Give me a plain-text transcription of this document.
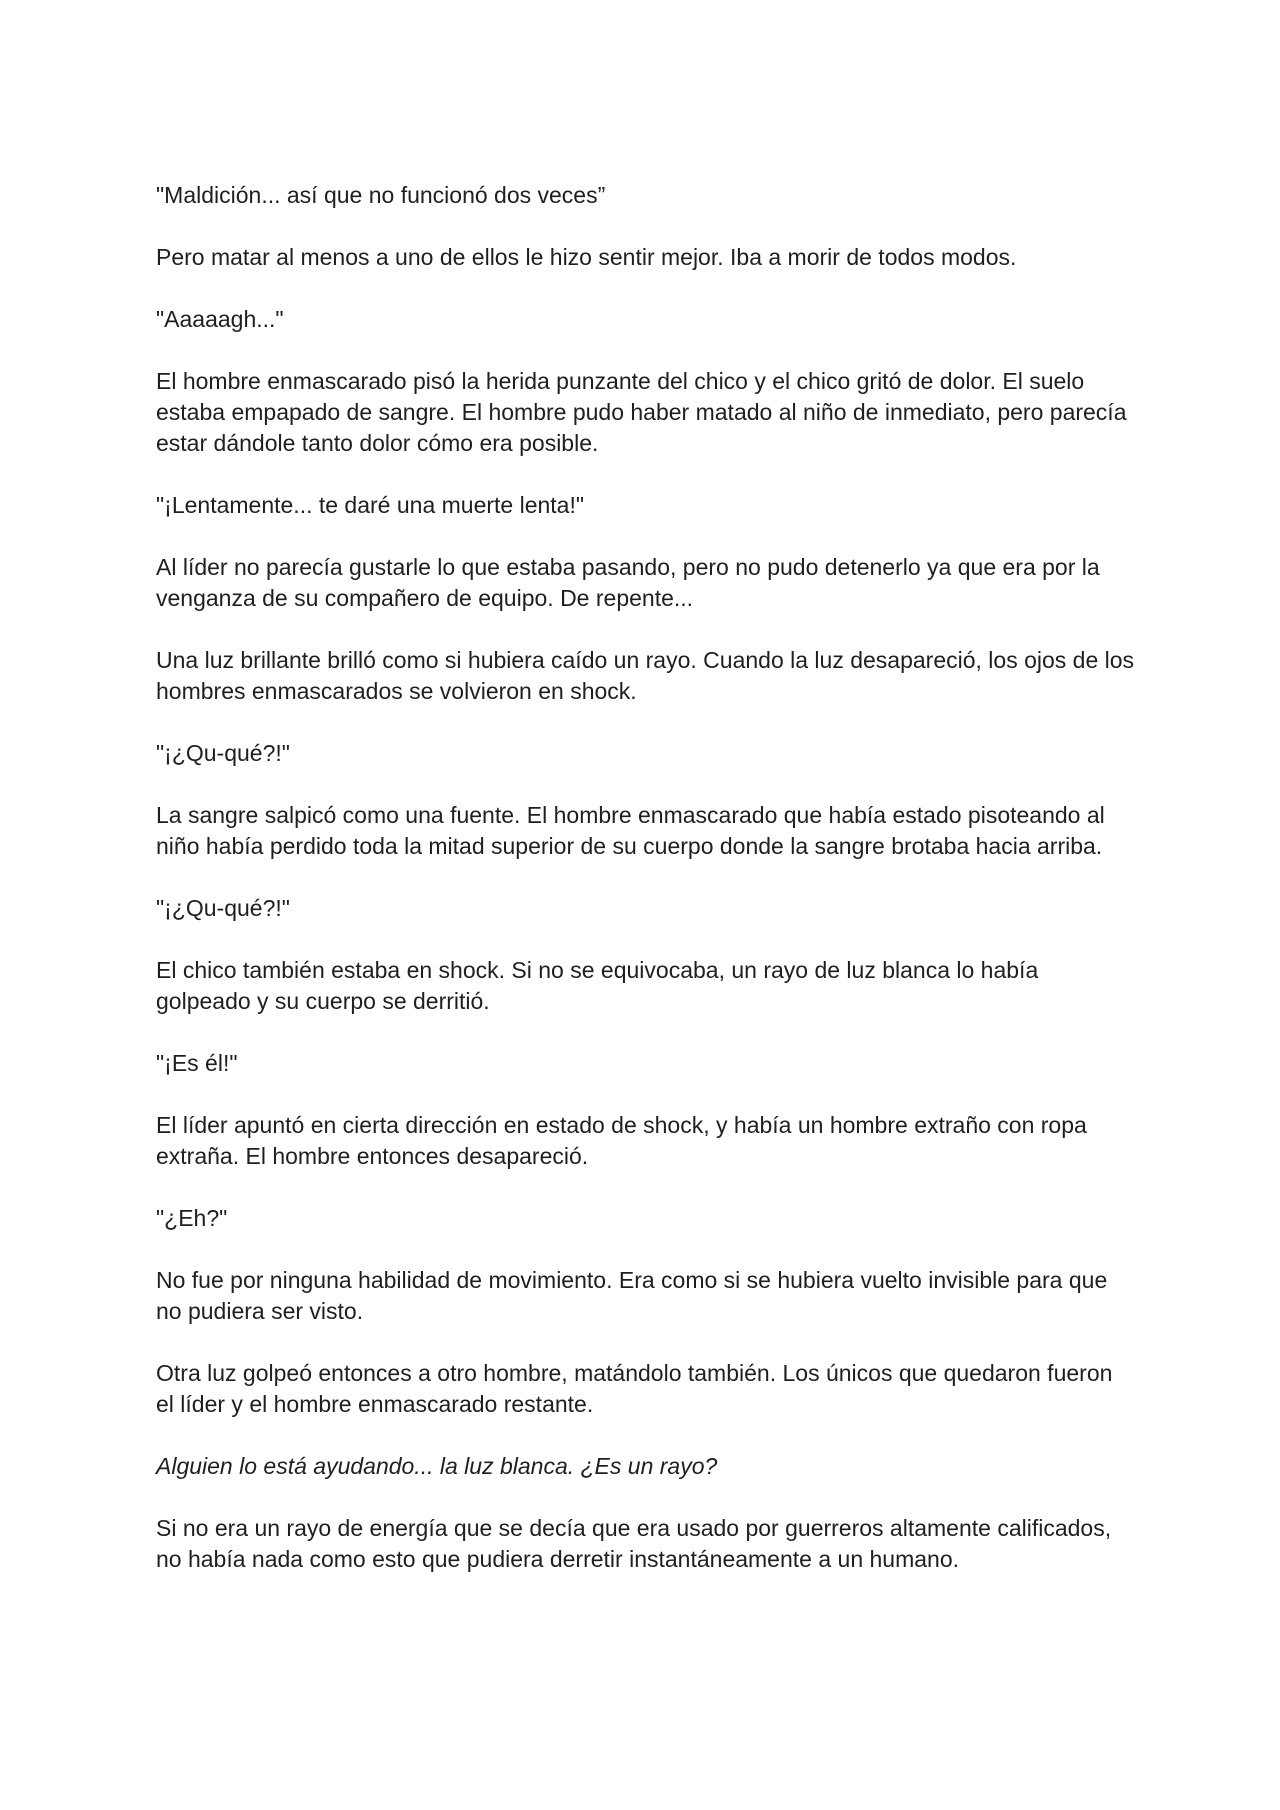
"Maldición... así que no funcionó dos veces”

Pero matar al menos a uno de ellos le hizo sentir mejor. Iba a morir de todos modos.

"Aaaaagh..."

El hombre enmascarado pisó la herida punzante del chico y el chico gritó de dolor. El suelo estaba empapado de sangre. El hombre pudo haber matado al niño de inmediato, pero parecía estar dándole tanto dolor cómo era posible.

"¡Lentamente... te daré una muerte lenta!"

Al líder no parecía gustarle lo que estaba pasando, pero no pudo detenerlo ya que era por la venganza de su compañero de equipo. De repente...

Una luz brillante brilló como si hubiera caído un rayo. Cuando la luz desapareció, los ojos de los hombres enmascarados se volvieron en shock.

"¡¿Qu-qué?!"

La sangre salpicó como una fuente. El hombre enmascarado que había estado pisoteando al niño había perdido toda la mitad superior de su cuerpo donde la sangre brotaba hacia arriba.

"¡¿Qu-qué?!"

El chico también estaba en shock. Si no se equivocaba, un rayo de luz blanca lo había golpeado y su cuerpo se derritió.

"¡Es él!"

El líder apuntó en cierta dirección en estado de shock, y había un hombre extraño con ropa extraña. El hombre entonces desapareció.

"¿Eh?"

No fue por ninguna habilidad de movimiento. Era como si se hubiera vuelto invisible para que no pudiera ser visto.

Otra luz golpeó entonces a otro hombre, matándolo también. Los únicos que quedaron fueron el líder y el hombre enmascarado restante.

Alguien lo está ayudando... la luz blanca. ¿Es un rayo?

Si no era un rayo de energía que se decía que era usado por guerreros altamente calificados, no había nada como esto que pudiera derretir instantáneamente a un humano.
